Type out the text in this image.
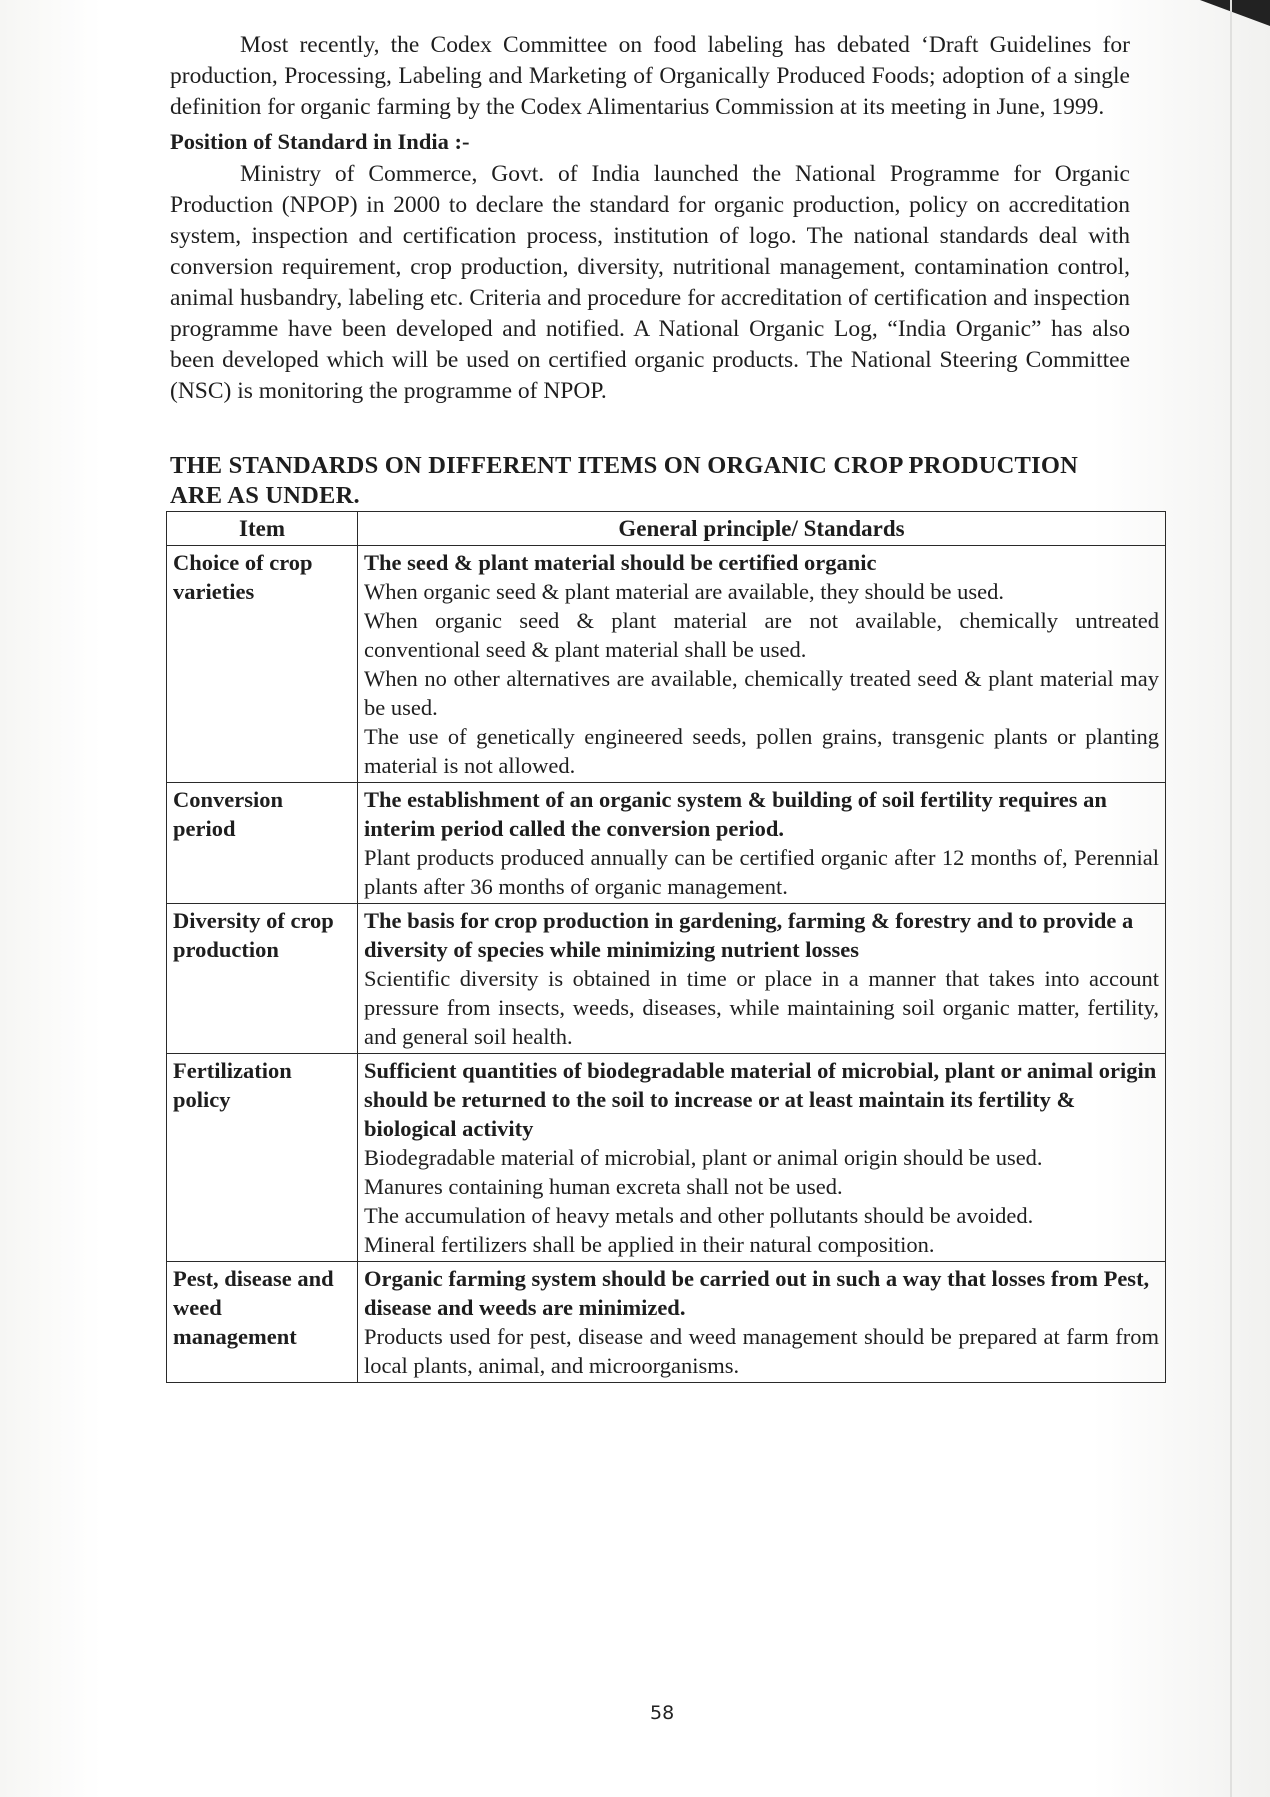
Most recently, the Codex Committee on food labeling has debated ‘Draft Guidelines for production, Processing, Labeling and Marketing of Organically Produced Foods; adoption of a single definition for organic farming by the Codex Alimentarius Commission at its meeting in June, 1999.

Position of Standard in India :-

Ministry of Commerce, Govt. of India launched the National Programme for Organic Production (NPOP) in 2000 to declare the standard for organic production, policy on accreditation system, inspection and certification process, institution of logo. The national standards deal with conversion requirement, crop production, diversity, nutritional management, contamination control, animal husbandry, labeling etc. Criteria and procedure for accreditation of certification and inspection programme have been developed and notified. A National Organic Log, “India Organic” has also been developed which will be used on certified organic products. The National Steering Committee (NSC) is monitoring the programme of NPOP.

THE STANDARDS ON DIFFERENT ITEMS ON ORGANIC CROP PRODUCTION ARE AS UNDER.

Item	General principle/ Standards
Choice of crop varieties	The seed & plant material should be certified organic

When organic seed & plant material are available, they should be used.

When organic seed & plant material are not available, chemically untreated conventional seed & plant material shall be used.

When no other alternatives are available, chemically treated seed & plant material may be used.

The use of genetically engineered seeds, pollen grains, transgenic plants or planting material is not allowed.

Conversion period	The establishment of an organic system & building of soil fertility requires an interim period called the conversion period.

Plant products produced annually can be certified organic after 12 months of, Perennial plants after 36 months of organic management.

Diversity of crop production	The basis for crop production in gardening, farming & forestry and to provide a diversity of species while minimizing nutrient losses

Scientific diversity is obtained in time or place in a manner that takes into account pressure from insects, weeds, diseases, while maintaining soil organic matter, fertility, and general soil health.

Fertilization policy	Sufficient quantities of biodegradable material of microbial, plant or animal origin should be returned to the soil to increase or at least maintain its fertility & biological activity

Biodegradable material of microbial, plant or animal origin should be used.

Manures containing human excreta shall not be used.

The accumulation of heavy metals and other pollutants should be avoided.

Mineral fertilizers shall be applied in their natural composition.

Pest, disease and weed management	Organic farming system should be carried out in such a way that losses from Pest, disease and weeds are minimized.

Products used for pest, disease and weed management should be prepared at farm from local plants, animal, and microorganisms.

58
